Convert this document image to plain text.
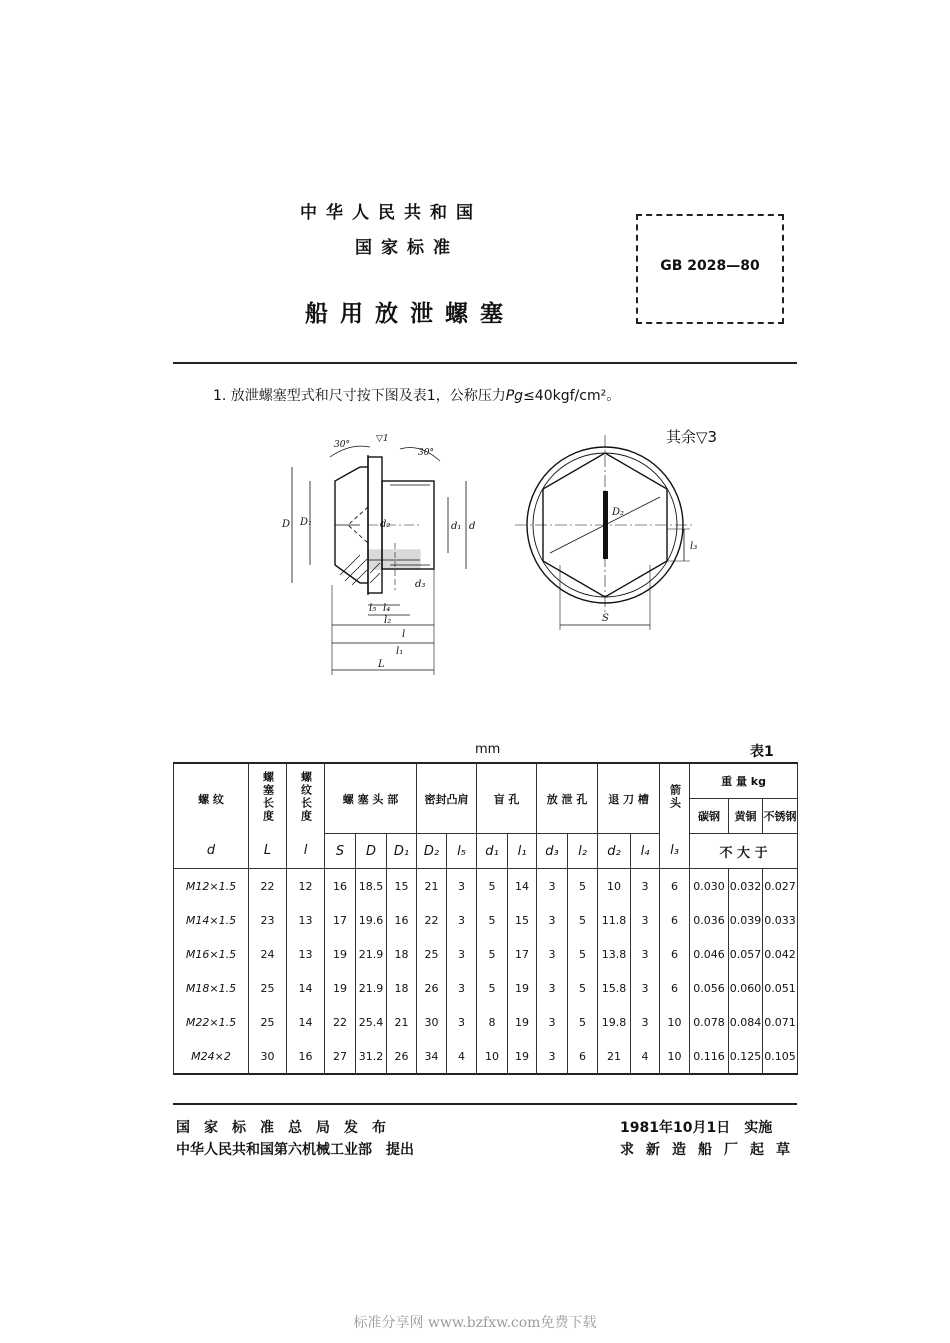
中华人民共和国
国家标准
船用放泄螺塞
GB 2028—80
1. 放泄螺塞型式和尺寸按下图及表1，公称压力Pg≤40kgf/cm²。
其余▽3
30°
30°
▽1
D D₁	d₁ d
d₂
d₃
l₅ l₄
l₂
l
l₁
L
D₂
l₃
S
mm	表1
螺 纹	螺塞长度	螺纹长度	螺 塞 头 部			密封凸肩		盲 孔		放 泄 孔		退 刀 槽		箭头	重 量 kg		
															碳钢	黄铜	不锈钢
d	L	l	S	D	D₁	D₂	l₅	d₁	l₁	d₃	l₂	d₂	l₄	l₃	不 大 于		
M12×1.5	22	12	16	18.5	15	21	3	5	14	3	5	10	3	6	0.030	0.032	0.027
M14×1.5	23	13	17	19.6	16	22	3	5	15	3	5	11.8	3	6	0.036	0.039	0.033
M16×1.5	24	13	19	21.9	18	25	3	5	17	3	5	13.8	3	6	0.046	0.057	0.042
M18×1.5	25	14	19	21.9	18	26	3	5	19	3	5	15.8	3	6	0.056	0.060	0.051
M22×1.5	25	14	22	25.4	21	30	3	8	19	3	5	19.8	3	10	0.078	0.084	0.071
M24×2	30	16	27	31.2	26	34	4	10	19	3	6	21	4	10	0.116	0.125	0.105
国家标准总局发布
中华人民共和国第六机械工业部　提出
1981年10月1日　实施
求新造船厂起草
标准分享网 www.bzfxw.com免费下载
